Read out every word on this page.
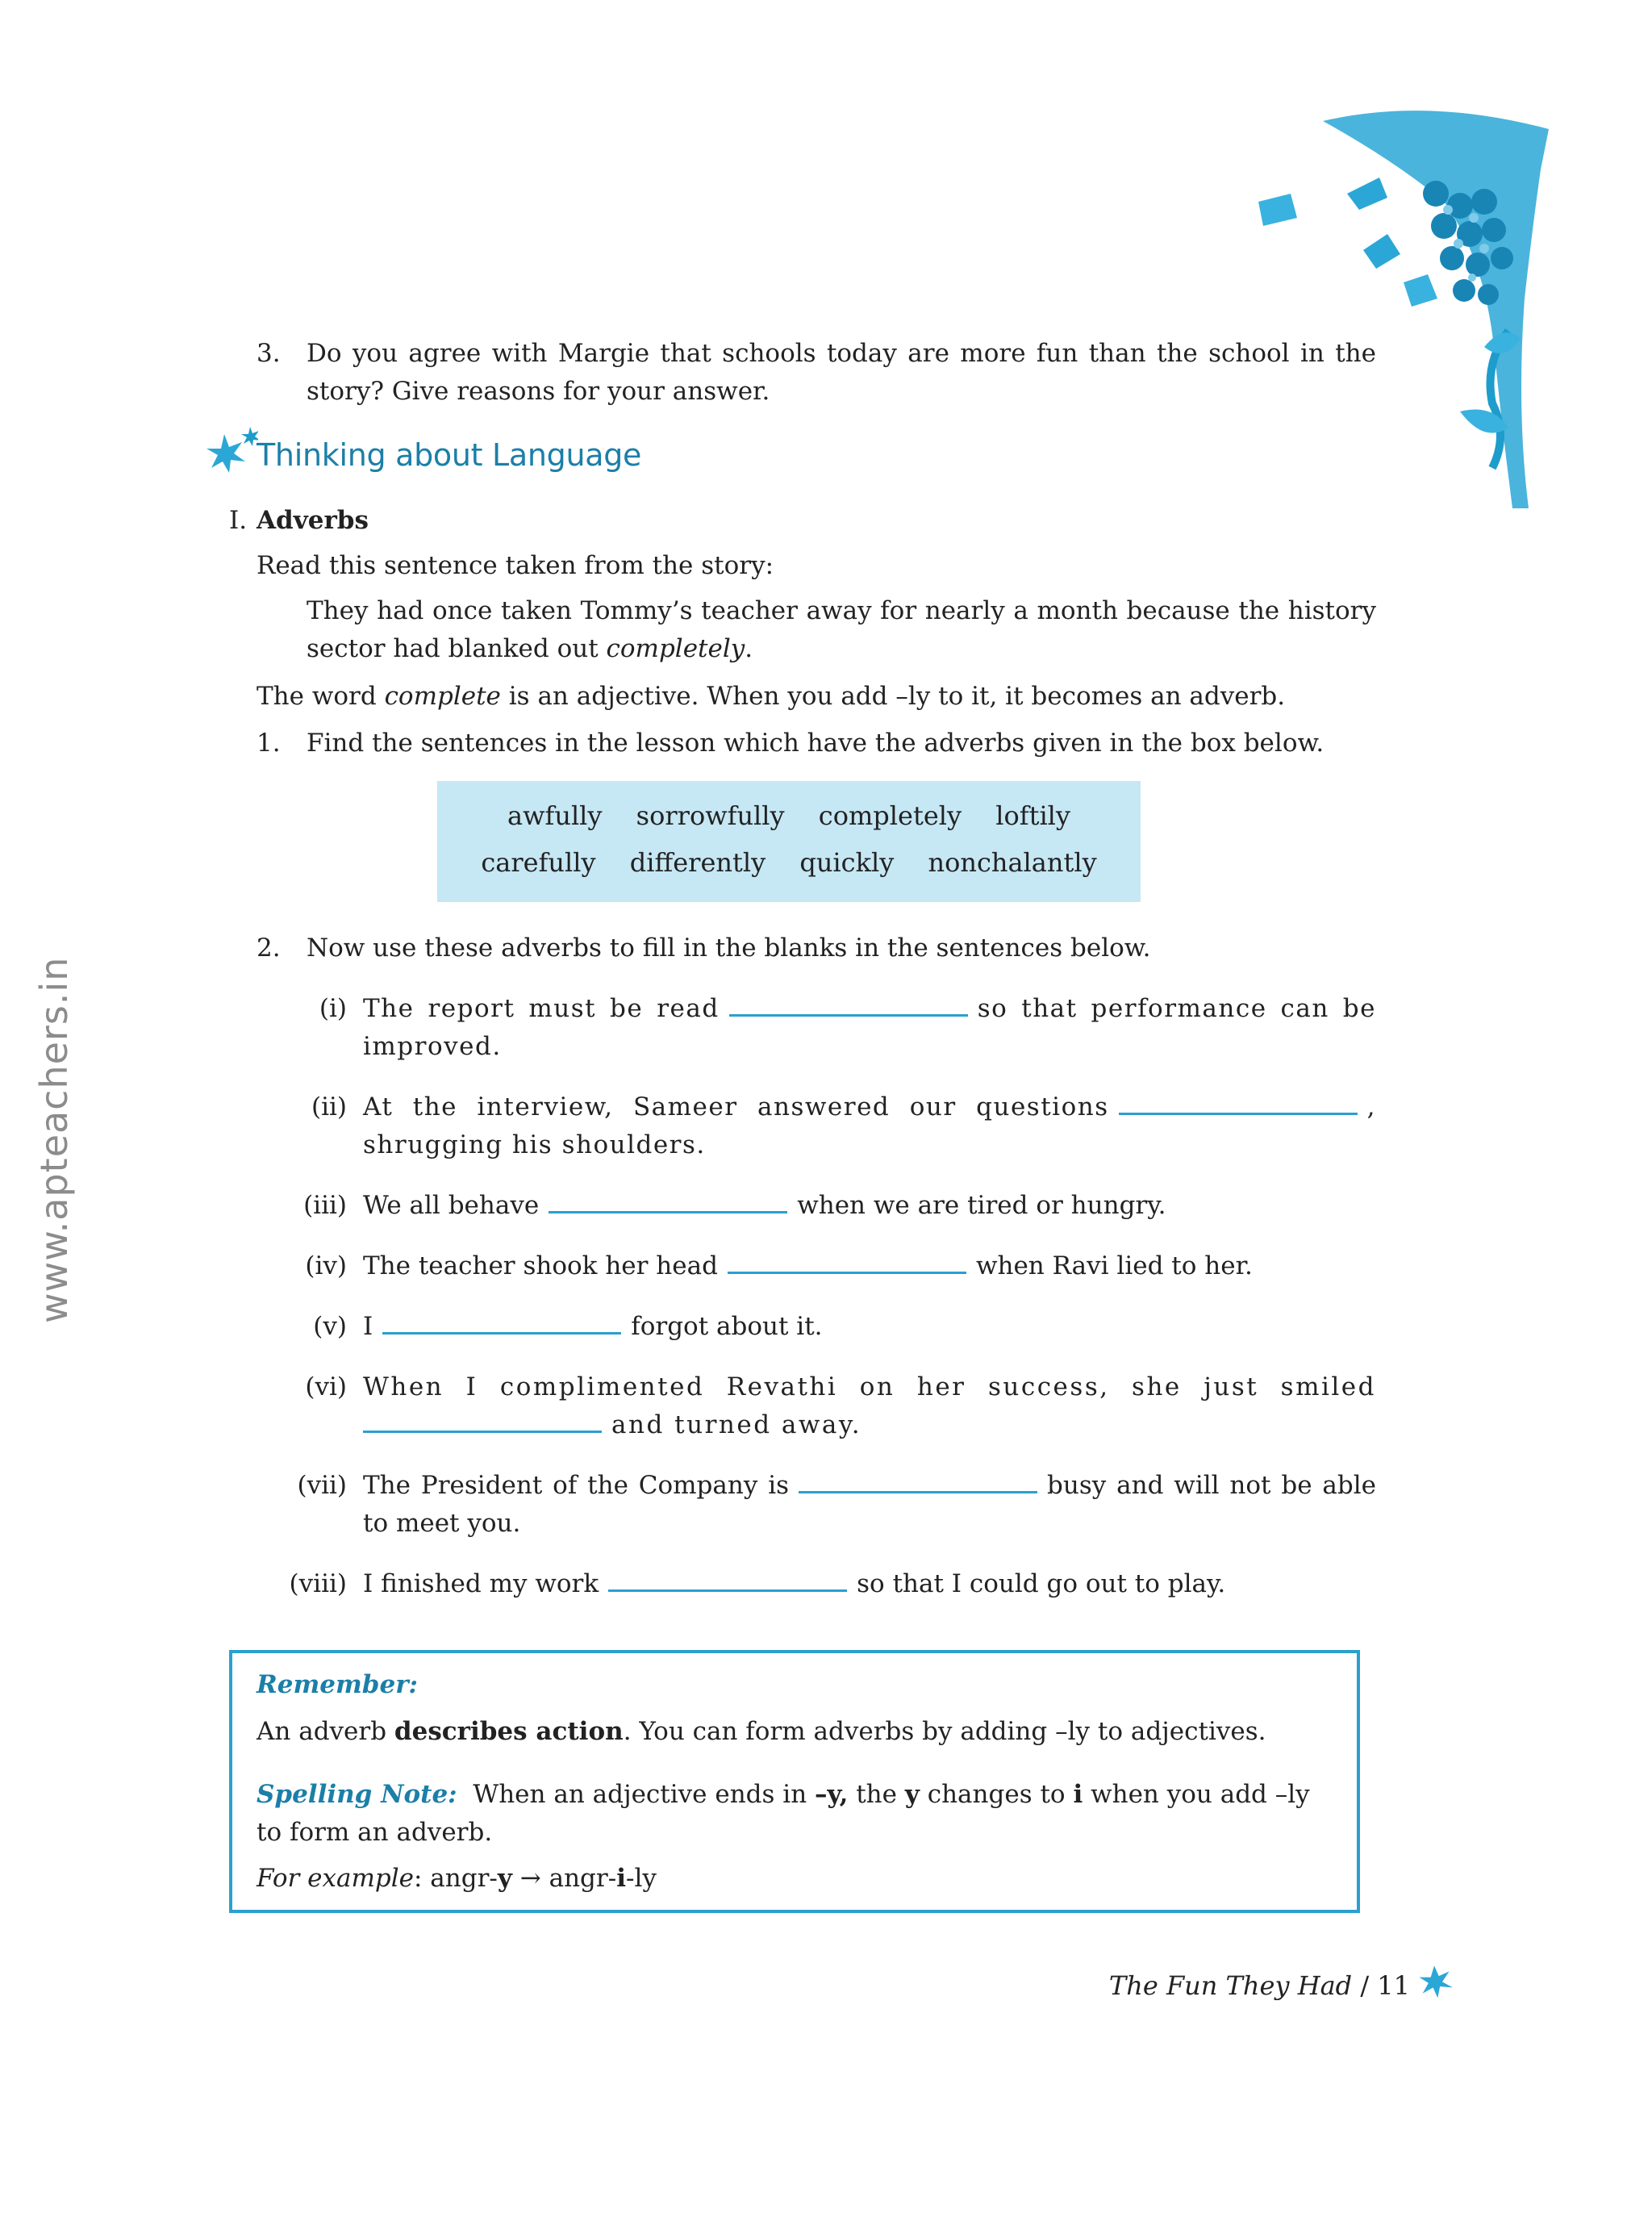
www.apteachers.in
3. Do you agree with Margie that schools today are more fun than the school in the story? Give reasons for your answer.

Thinking about Language
I. Adverbs

Read this sentence taken from the story:

They had once taken Tommy’s teacher away for nearly a month because the history sector had blanked out completely.

The word complete is an adjective. When you add –ly to it, it becomes an adverb.

1. Find the sentences in the lesson which have the adverbs given in the box below.

awfully sorrowfully completely loftily
carefully differently quickly nonchalantly
2. Now use these adverbs to fill in the blanks in the sentences below.

(i) The report must be read	so that performance can be improved.

(ii) At the interview, Sameer answered our questions	, shrugging his shoulders.

(iii) We all behave	when we are tired or hungry.

(iv) The teacher shook her head	when Ravi lied to her.

(v) I	forgot about it.

(vi) When I complimented Revathi on her success, she just smiled and turned away.

(vii) The President of the Company is	busy and will not be able to meet you.

(viii) I finished my work	so that I could go out to play.

Remember:

An adverb describes action. You can form adverbs by adding –ly to adjectives.

Spelling Note: When an adjective ends in –y, the y changes to i when you add –ly to form an adverb.

For example: angr-y → angr-i-ly

The Fun They Had / 11
